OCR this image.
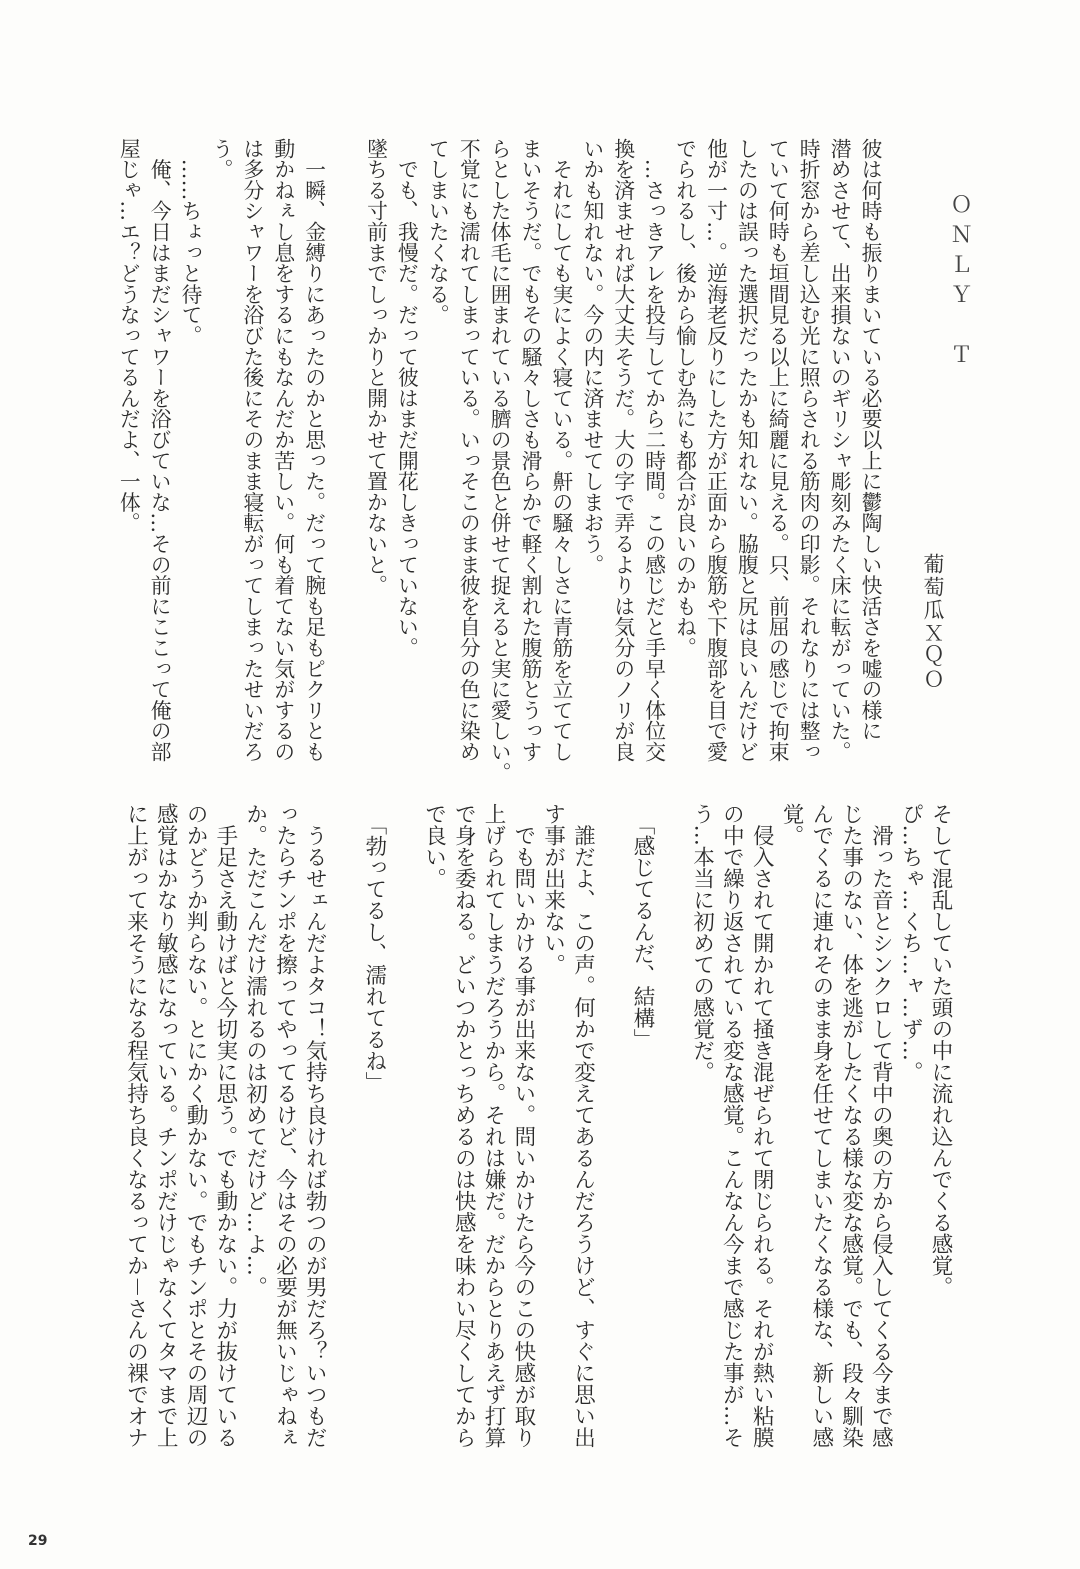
ＯＮＬＹ　Ｔ
葡萄瓜ＸＱＯ
彼は何時も振りまいている必要以上に鬱陶しい快活さを嘘の様に
潜めさせて、出来損ないのギリシャ彫刻みたく床に転がっていた。
時折窓から差し込む光に照らされる筋肉の印影。それなりには整っ
ていて何時も垣間見る以上に綺麗に見える。只、前屈の感じで拘束
したのは誤った選択だったかも知れない。脇腹と尻は良いんだけど
他が一寸…。逆海老反りにした方が正面から腹筋や下腹部を目で愛
でられるし、後から愉しむ為にも都合が良いのかもね。
　…さっきアレを投与してから二時間。この感じだと手早く体位交
換を済ませれば大丈夫そうだ。大の字で弄るよりは気分のノリが良
いかも知れない。今の内に済ませてしまおう。
　それにしても実によく寝ている。鼾の騒々しさに青筋を立ててし
まいそうだ。でもその騒々しさも滑らかで軽く割れた腹筋とうっす
らとした体毛に囲まれている臍の景色と併せて捉えると実に愛しい。
不覚にも濡れてしまっている。いっそこのまま彼を自分の色に染め
てしまいたくなる。
　でも、我慢だ。だって彼はまだ開花しきっていない。
墜ちる寸前までしっかりと開かせて置かないと。
　一瞬、金縛りにあったのかと思った。だって腕も足もピクリとも
動かねぇし息をするにもなんだか苦しい。何も着てない気がするの
は多分シャワーを浴びた後にそのまま寝転がってしまったせいだろ
う。
　……ちょっと待て。
　俺、今日はまだシャワーを浴びていな…その前にここって俺の部
屋じゃ…エ？どうなってるんだよ、一体。
そして混乱していた頭の中に流れ込んでくる感覚。
ぴ…ちゃ…くち…ャ…ず…。
　滑った音とシンクロして背中の奥の方から侵入してくる今まで感
じた事のない、体を逃がしたくなる様な変な感覚。でも、段々馴染
んでくるに連れそのまま身を任せてしまいたくなる様な、新しい感
覚。
　侵入されて開かれて掻き混ぜられて閉じられる。それが熱い粘膜
の中で繰り返されている変な感覚。こんなん今まで感じた事が…そ
う…本当に初めての感覚だ。
　「感じてるんだ、結構」
　誰だよ、この声。何かで変えてあるんだろうけど、すぐに思い出
す事が出来ない。
　でも問いかける事が出来ない。問いかけたら今のこの快感が取り
上げられてしまうだろうから。それは嫌だ。だからとりあえず打算
で身を委ねる。どいつかとっちめるのは快感を味わい尽くしてから
で良い。
　「勃ってるし、濡れてるね」
　うるせェんだよタコ！気持ち良ければ勃つのが男だろ？いつもだ
ったらチンポを擦ってやってるけど、今はその必要が無いじゃねぇ
か。ただこんだけ濡れるのは初めてだけど…よ…。
　手足さえ動けばと今切実に思う。でも動かない。力が抜けている
のかどうか判らない。とにかく動かない。でもチンポとその周辺の
感覚はかなり敏感になっている。チンポだけじゃなくてタマまで上
に上がって来そうになる程気持ち良くなるってか－さんの裸でオナ
29
